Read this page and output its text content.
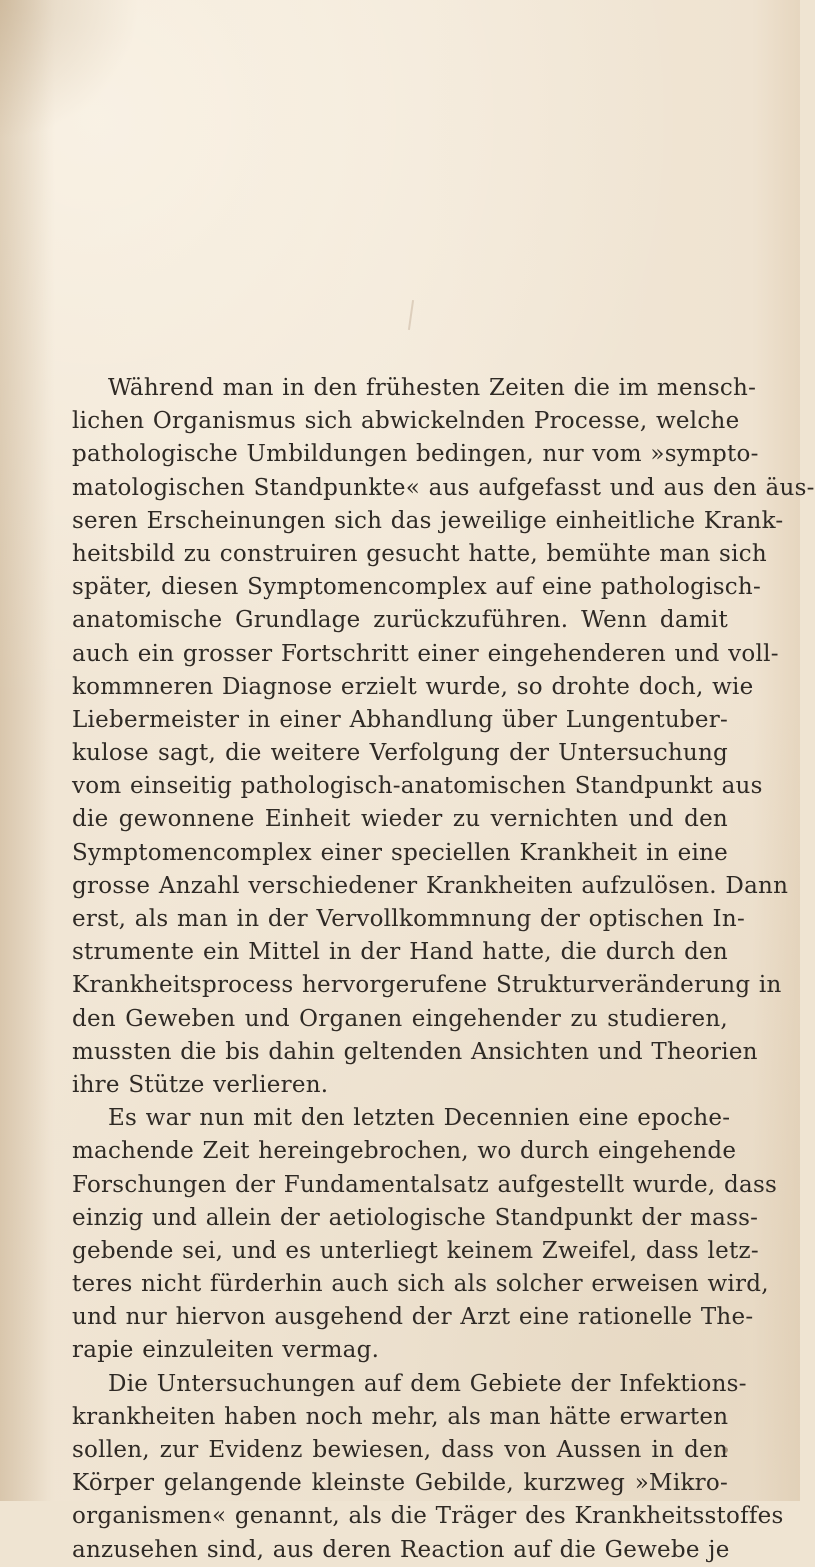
Während man in den frühesten Zeiten die im mensch-
lichen Organismus sich abwickelnden Processe, welche
pathologische Umbildungen bedingen, nur vom »sympto-
matologischen Standpunkte« aus aufgefasst und aus den äus-
seren Erscheinungen sich das jeweilige einheitliche Krank-
heitsbild zu construiren gesucht hatte, bemühte man sich
später, diesen Symptomencomplex auf eine pathologisch-
anatomische Grundlage zurückzuführen. Wenn damit
auch ein grosser Fortschritt einer eingehenderen und voll-
kommneren Diagnose erzielt wurde, so drohte doch, wie
Liebermeister in einer Abhandlung über Lungentuber-
kulose sagt, die weitere Verfolgung der Untersuchung
vom einseitig pathologisch-anatomischen Standpunkt aus
die gewonnene Einheit wieder zu vernichten und den
Symptomencomplex einer speciellen Krankheit in eine
grosse Anzahl verschiedener Krankheiten aufzulösen. Dann
erst, als man in der Vervollkommnung der optischen In-
strumente ein Mittel in der Hand hatte, die durch den
Krankheitsprocess hervorgerufene Strukturveränderung in
den Geweben und Organen eingehender zu studieren,
mussten die bis dahin geltenden Ansichten und Theorien
ihre Stütze verlieren.
Es war nun mit den letzten Decennien eine epoche-
machende Zeit hereingebrochen, wo durch eingehende
Forschungen der Fundamentalsatz aufgestellt wurde, dass
einzig und allein der aetiologische Standpunkt der mass-
gebende sei, und es unterliegt keinem Zweifel, dass letz-
teres nicht fürderhin auch sich als solcher erweisen wird,
und nur hiervon ausgehend der Arzt eine rationelle The-
rapie einzuleiten vermag.
Die Untersuchungen auf dem Gebiete der Infektions-
krankheiten haben noch mehr, als man hätte erwarten
sollen, zur Evidenz bewiesen, dass von Aussen in den
Körper gelangende kleinste Gebilde, kurzweg »Mikro-
organismen« genannt, als die Träger des Krankheitsstoffes
anzusehen sind, aus deren Reaction auf die Gewebe je
